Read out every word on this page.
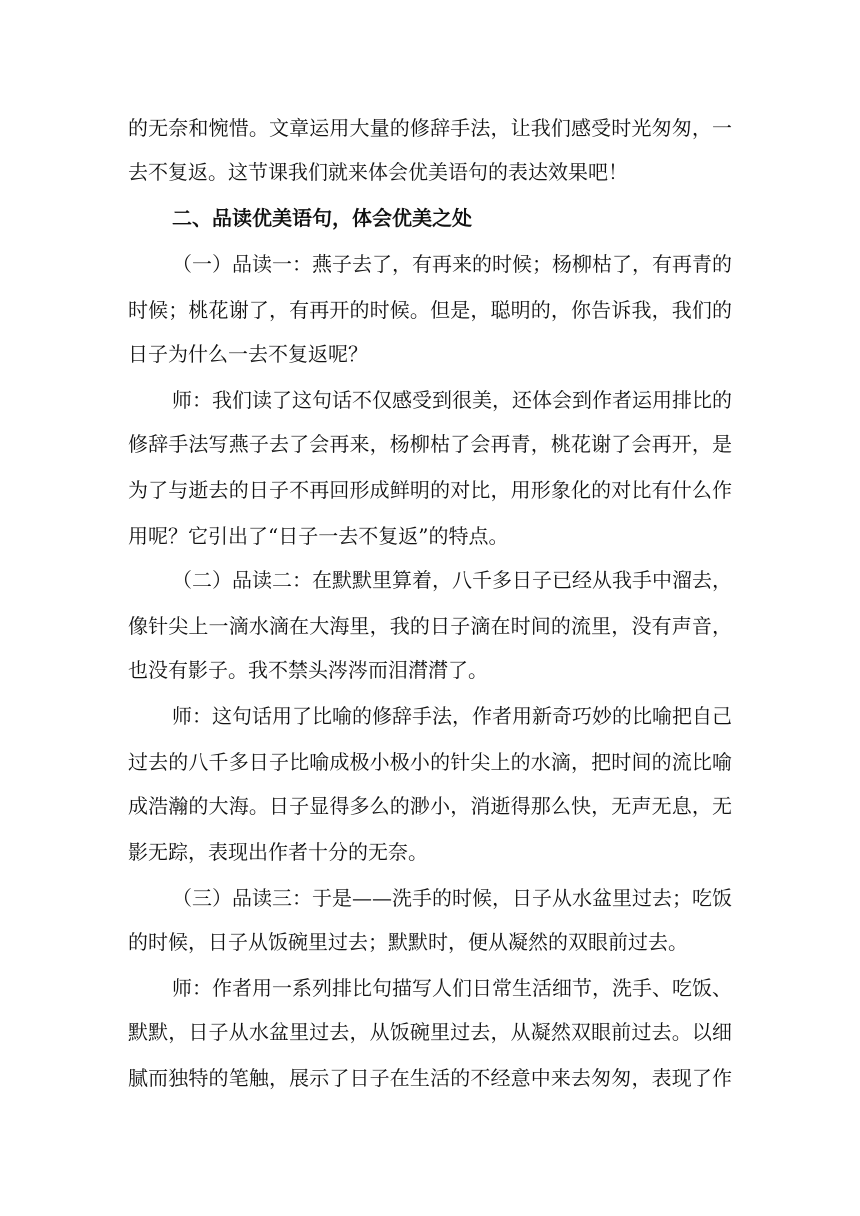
的无奈和惋惜。文章运用大量的修辞手法，让我们感受时光匆匆，一
去不复返。这节课我们就来体会优美语句的表达效果吧！
二、品读优美语句，体会优美之处
（一）品读一：燕子去了，有再来的时候；杨柳枯了，有再青的
时候；桃花谢了，有再开的时候。但是，聪明的，你告诉我，我们的
日子为什么一去不复返呢？
师：我们读了这句话不仅感受到很美，还体会到作者运用排比的
修辞手法写燕子去了会再来，杨柳枯了会再青，桃花谢了会再开，是
为了与逝去的日子不再回形成鲜明的对比，用形象化的对比有什么作
用呢？它引出了“日子一去不复返”的特点。
（二）品读二：在默默里算着，八千多日子已经从我手中溜去，
像针尖上一滴水滴在大海里，我的日子滴在时间的流里，没有声音，
也没有影子。我不禁头涔涔而泪潸潸了。
师：这句话用了比喻的修辞手法，作者用新奇巧妙的比喻把自己
过去的八千多日子比喻成极小极小的针尖上的水滴，把时间的流比喻
成浩瀚的大海。日子显得多么的渺小，消逝得那么快，无声无息，无
影无踪，表现出作者十分的无奈。
（三）品读三：于是——洗手的时候，日子从水盆里过去；吃饭
的时候，日子从饭碗里过去；默默时，便从凝然的双眼前过去。
师：作者用一系列排比句描写人们日常生活细节，洗手、吃饭、
默默，日子从水盆里过去，从饭碗里过去，从凝然双眼前过去。以细
腻而独特的笔触，展示了日子在生活的不经意中来去匆匆，表现了作
